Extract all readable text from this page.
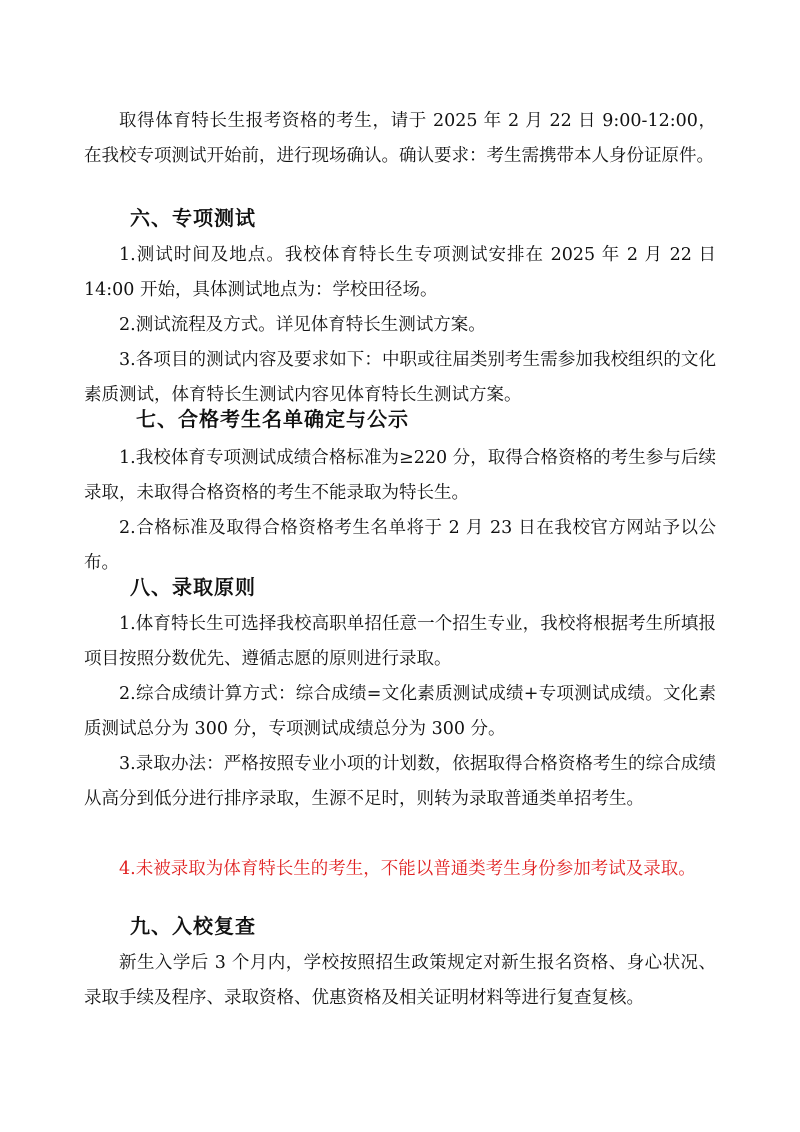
取得体育特长生报考资格的考生，请于 2025 年 2 月 22 日 9:00-12:00，在我校专项测试开始前，进行现场确认。确认要求：考生需携带本人身份证原件。

六、专项测试

1.测试时间及地点。我校体育特长生专项测试安排在 2025 年 2 月 22 日 14:00 开始，具体测试地点为：学校田径场。

2.测试流程及方式。详见体育特长生测试方案。

3.各项目的测试内容及要求如下：中职或往届类别考生需参加我校组织的文化素质测试，体育特长生测试内容见体育特长生测试方案。

七、合格考生名单确定与公示

1.我校体育专项测试成绩合格标准为≥220 分，取得合格资格的考生参与后续录取，未取得合格资格的考生不能录取为特长生。

2.合格标准及取得合格资格考生名单将于 2 月 23 日在我校官方网站予以公布。

八、录取原则

1.体育特长生可选择我校高职单招任意一个招生专业，我校将根据考生所填报项目按照分数优先、遵循志愿的原则进行录取。

2.综合成绩计算方式：综合成绩=文化素质测试成绩+专项测试成绩。文化素质测试总分为 300 分，专项测试成绩总分为 300 分。

3.录取办法：严格按照专业小项的计划数，依据取得合格资格考生的综合成绩从高分到低分进行排序录取，生源不足时，则转为录取普通类单招考生。

4.未被录取为体育特长生的考生，不能以普通类考生身份参加考试及录取。

九、入校复查

新生入学后 3 个月内，学校按照招生政策规定对新生报名资格、身心状况、录取手续及程序、录取资格、优惠资格及相关证明材料等进行复查复核。
